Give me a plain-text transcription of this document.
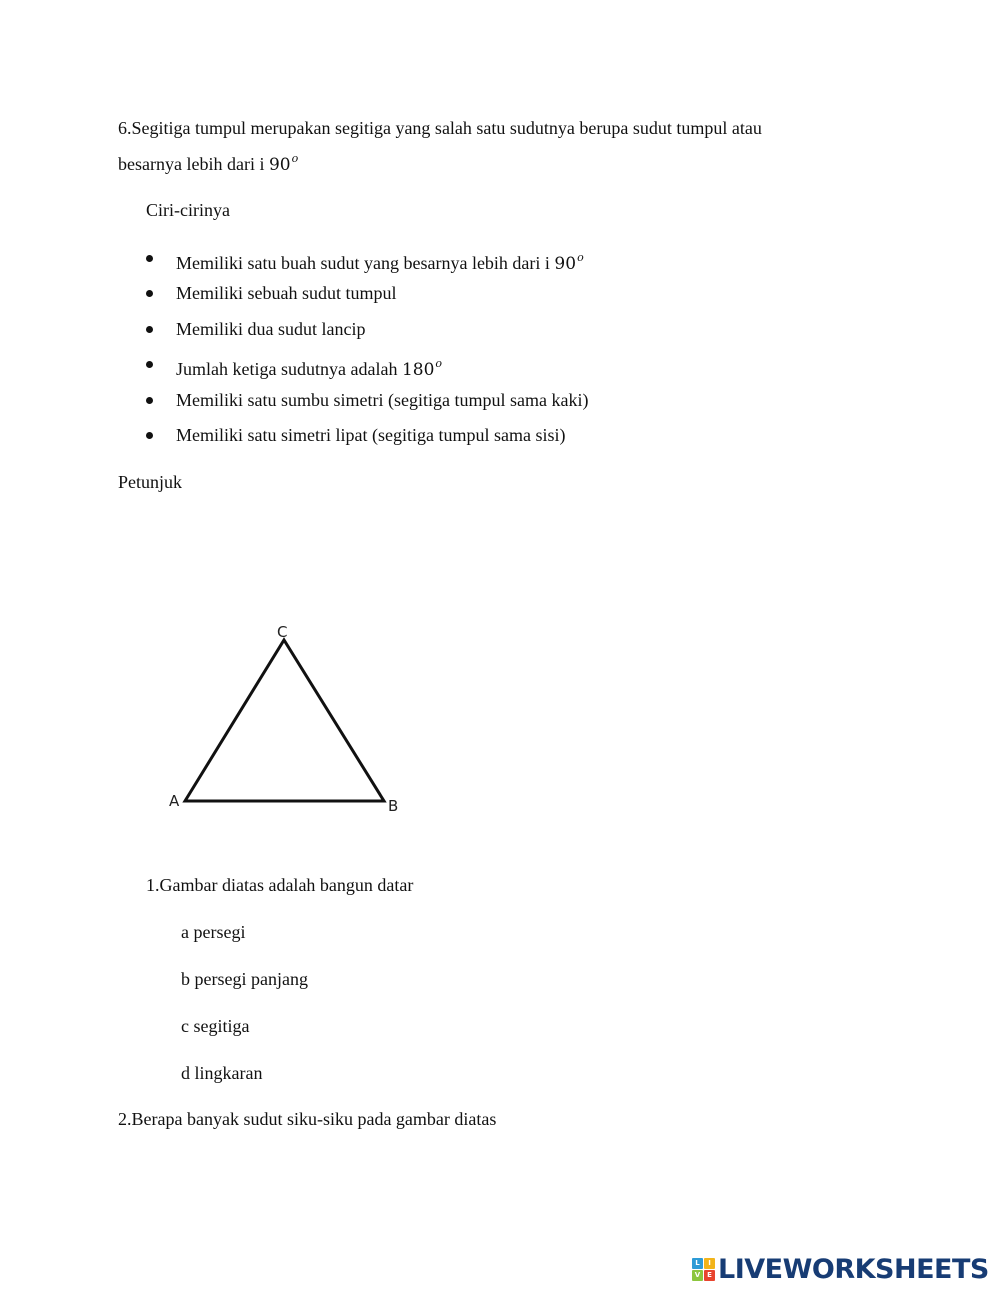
6.Segitiga tumpul merupakan segitiga yang salah satu sudutnya berupa sudut tumpul atau
besarnya lebih dari i 90$^o$
Ciri-cirinya
Memiliki satu buah sudut yang besarnya lebih dari i 90$^o$
Memiliki sebuah sudut tumpul
Memiliki dua sudut lancip
Jumlah ketiga sudutnya adalah 180$^o$
Memiliki satu sumbu simetri (segitiga tumpul sama kaki)
Memiliki satu simetri lipat (segitiga tumpul sama sisi)
Petunjuk
C
A	B
1.Gambar diatas adalah bangun datar
a persegi
b persegi panjang
c segitiga
d lingkaran
2.Berapa banyak sudut siku-siku pada gambar diatas
L	I
V E LIVEWORKSHEETS
